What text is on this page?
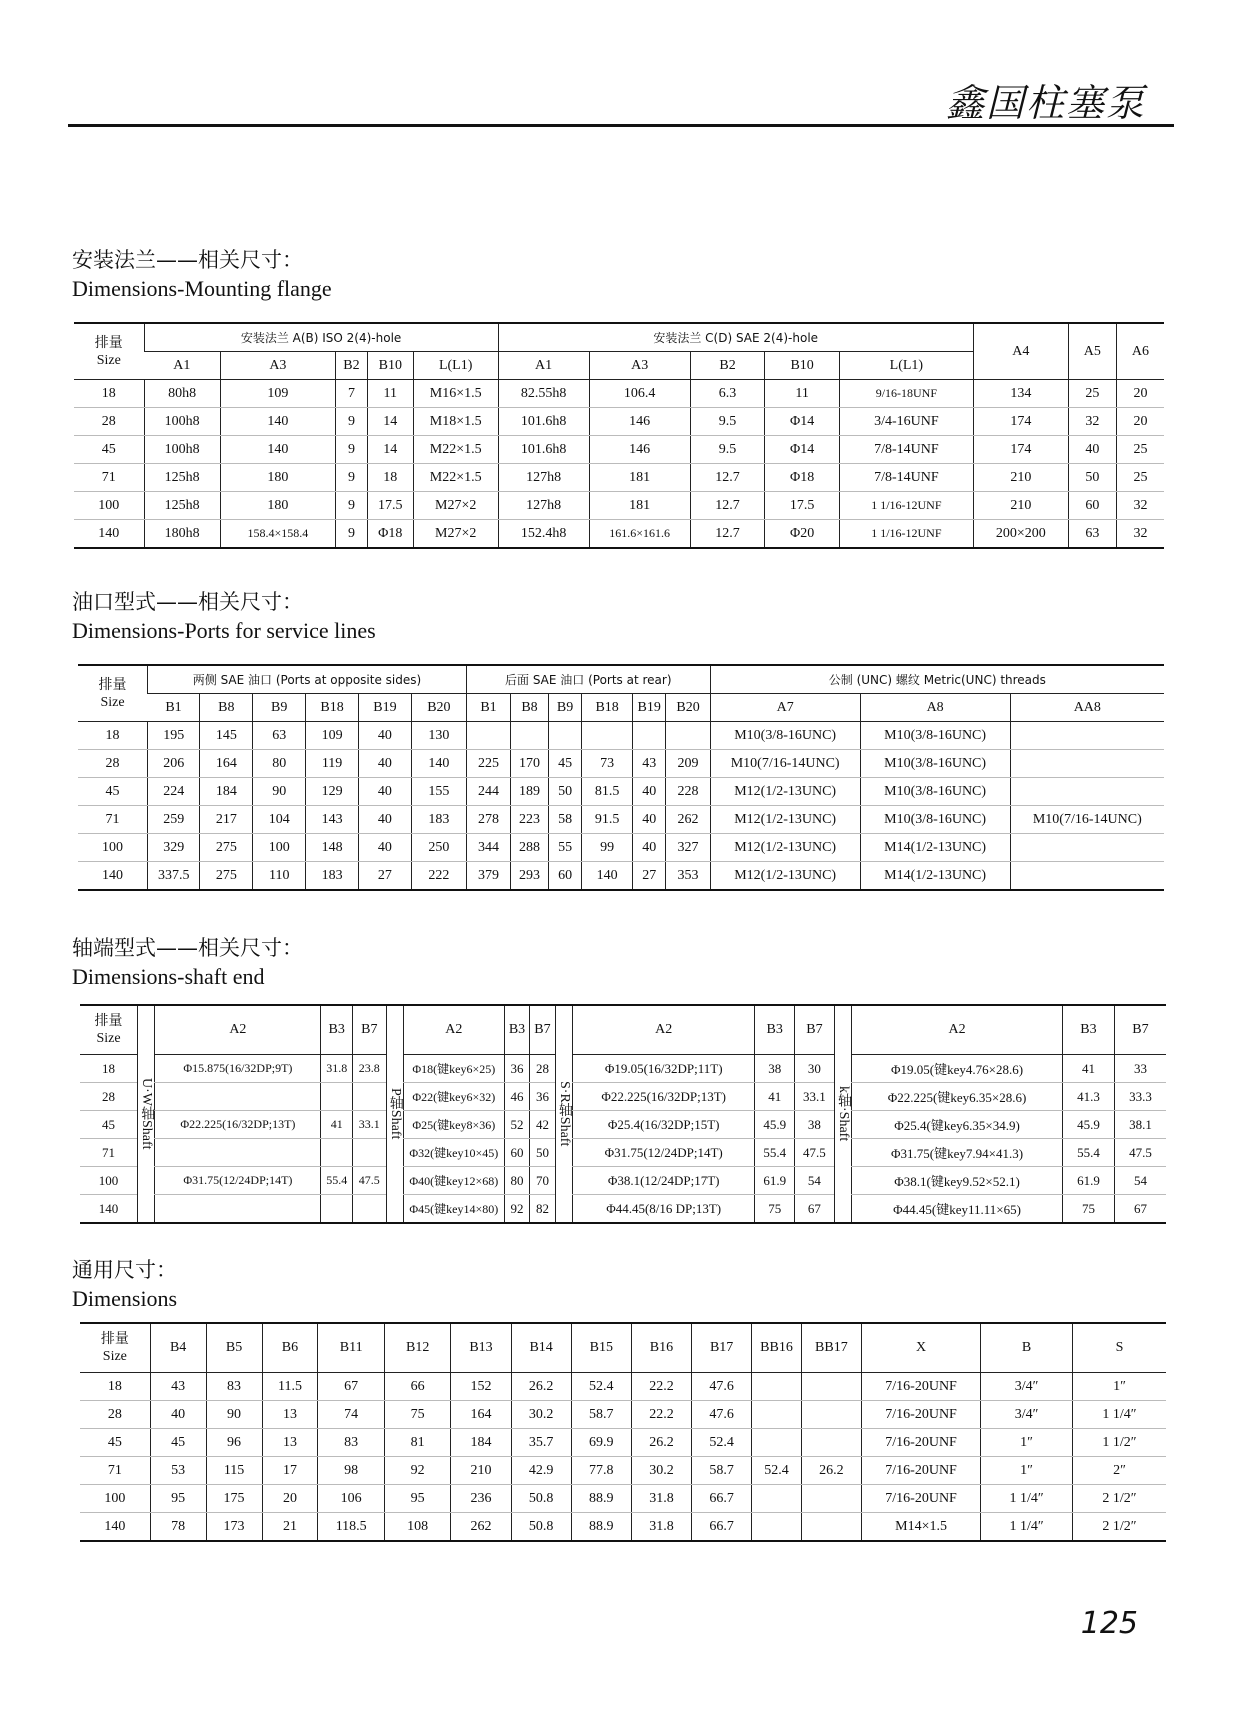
鑫国柱塞泵
安装法兰——相关尺寸：
Dimensions-Mounting flange
排量
Size	安装法兰 A(B) ISO 2(4)-hole					安装法兰 C(D) SAE 2(4)-hole					A4	A5	A6
	A1	A3	B2	B10	L(L1)	A1	A3	B2	B10	L(L1)			
18	80h8	109	7	11	M16×1.5	82.55h8	106.4	6.3	11	9/16-18UNF	134	25	20
28	100h8	140	9	14	M18×1.5	101.6h8	146	9.5	Φ14	3/4-16UNF	174	32	20
45	100h8	140	9	14	M22×1.5	101.6h8	146	9.5	Φ14	7/8-14UNF	174	40	25
71	125h8	180	9	18	M22×1.5	127h8	181	12.7	Φ18	7/8-14UNF	210	50	25
100	125h8	180	9	17.5	M27×2	127h8	181	12.7	17.5	1 1/16-12UNF	210	60	32
140	180h8	158.4×158.4	9	Φ18	M27×2	152.4h8	161.6×161.6	12.7	Φ20	1 1/16-12UNF	200×200	63	32
油口型式——相关尺寸：
Dimensions-Ports for service lines
排量
Size	两侧 SAE 油口 (Ports at opposite sides)						后面 SAE 油口 (Ports at rear)						公制 (UNC) 螺纹 Metric(UNC) threads		
	B1	B8	B9	B18	B19	B20	B1	B8	B9	B18	B19	B20	A7	A8	AA8
18	195	145	63	109	40	130							M10(3/8-16UNC)	M10(3/8-16UNC)	
28	206	164	80	119	40	140	225	170	45	73	43	209	M10(7/16-14UNC)	M10(3/8-16UNC)	
45	224	184	90	129	40	155	244	189	50	81.5	40	228	M12(1/2-13UNC)	M10(3/8-16UNC)	
71	259	217	104	143	40	183	278	223	58	91.5	40	262	M12(1/2-13UNC)	M10(3/8-16UNC)	M10(7/16-14UNC)
100	329	275	100	148	40	250	344	288	55	99	40	327	M12(1/2-13UNC)	M14(1/2-13UNC)	
140	337.5	275	110	183	27	222	379	293	60	140	27	353	M12(1/2-13UNC)	M14(1/2-13UNC)	
轴端型式——相关尺寸：
Dimensions-shaft end
排量
Size	U·W轴Shaft	A2	B3	B7	P轴Shaft	A2	B3	B7	S·R轴Shaft	A2	B3	B7	k轴·Shaft	A2	B3	B7
18		Φ15.875(16/32DP;9T)	31.8	23.8		Φ18(键key6×25)	36	28		Φ19.05(16/32DP;11T)	38	30		Φ19.05(键key4.76×28.6)	41	33
28						Φ22(键key6×32)	46	36		Φ22.225(16/32DP;13T)	41	33.1		Φ22.225(键key6.35×28.6)	41.3	33.3
45		Φ22.225(16/32DP;13T)	41	33.1		Φ25(键key8×36)	52	42		Φ25.4(16/32DP;15T)	45.9	38		Φ25.4(键key6.35×34.9)	45.9	38.1
71						Φ32(键key10×45)	60	50		Φ31.75(12/24DP;14T)	55.4	47.5		Φ31.75(键key7.94×41.3)	55.4	47.5
100		Φ31.75(12/24DP;14T)	55.4	47.5		Φ40(键key12×68)	80	70		Φ38.1(12/24DP;17T)	61.9	54		Φ38.1(键key9.52×52.1)	61.9	54
140						Φ45(键key14×80)	92	82		Φ44.45(8/16 DP;13T)	75	67		Φ44.45(键key11.11×65)	75	67
通用尺寸：
Dimensions
排量
Size	B4	B5	B6	B11	B12	B13	B14	B15	B16	B17	BB16	BB17	X	B	S
18	43	83	11.5	67	66	152	26.2	52.4	22.2	47.6			7/16-20UNF	3/4″	1″
28	40	90	13	74	75	164	30.2	58.7	22.2	47.6			7/16-20UNF	3/4″	1 1/4″
45	45	96	13	83	81	184	35.7	69.9	26.2	52.4			7/16-20UNF	1″	1 1/2″
71	53	115	17	98	92	210	42.9	77.8	30.2	58.7	52.4	26.2	7/16-20UNF	1″	2″
100	95	175	20	106	95	236	50.8	88.9	31.8	66.7			7/16-20UNF	1 1/4″	2 1/2″
140	78	173	21	118.5	108	262	50.8	88.9	31.8	66.7			M14×1.5	1 1/4″	2 1/2″
125
